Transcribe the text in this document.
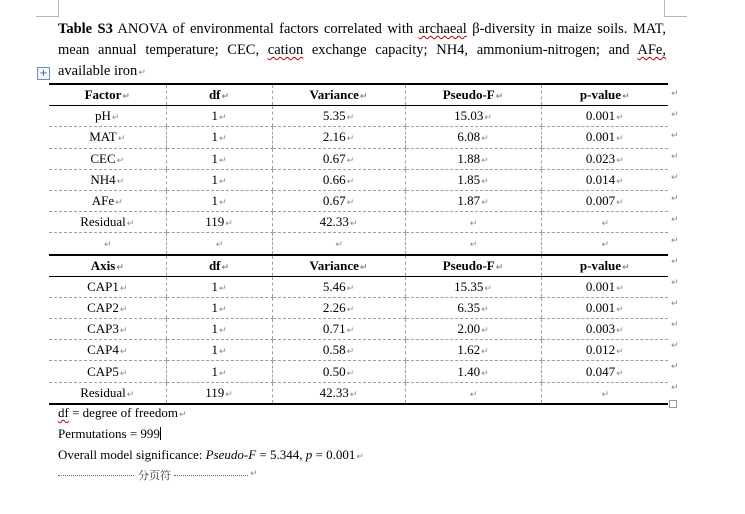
+
Table S3 ANOVA of environmental factors correlated with archaeal β-diversity in maize soils. MAT, mean annual temperature; CEC, cation exchange capacity; NH4, ammonium-nitrogen; and AFe, available iron↵
Factor↵	df↵	Variance↵	Pseudo-F↵	p-value↵
pH↵	1↵	5.35↵	15.03↵	0.001↵
MAT↵	1↵	2.16↵	6.08↵	0.001↵
CEC↵	1↵	0.67↵	1.88↵	0.023↵
NH4↵	1↵	0.66↵	1.85↵	0.014↵
AFe↵	1↵	0.67↵	1.87↵	0.007↵
Residual↵	119↵	42.33↵	↵	↵
↵	↵	↵	↵	↵
Axis↵	df↵	Variance↵	Pseudo-F↵	p-value↵
CAP1↵	1↵	5.46↵	15.35↵	0.001↵
CAP2↵	1↵	2.26↵	6.35↵	0.001↵
CAP3↵	1↵	0.71↵	2.00↵	0.003↵
CAP4↵	1↵	0.58↵	1.62↵	0.012↵
CAP5↵	1↵	0.50↵	1.40↵	0.047↵
Residual↵	119↵	42.33↵	↵	↵
↵
↵
↵
↵
↵
↵
↵
↵
↵
↵
↵
↵
↵
↵
↵
df = degree of freedom↵
Permutations = 999
Overall model significance: Pseudo-F = 5.344, p = 0.001↵
分页符	↵
